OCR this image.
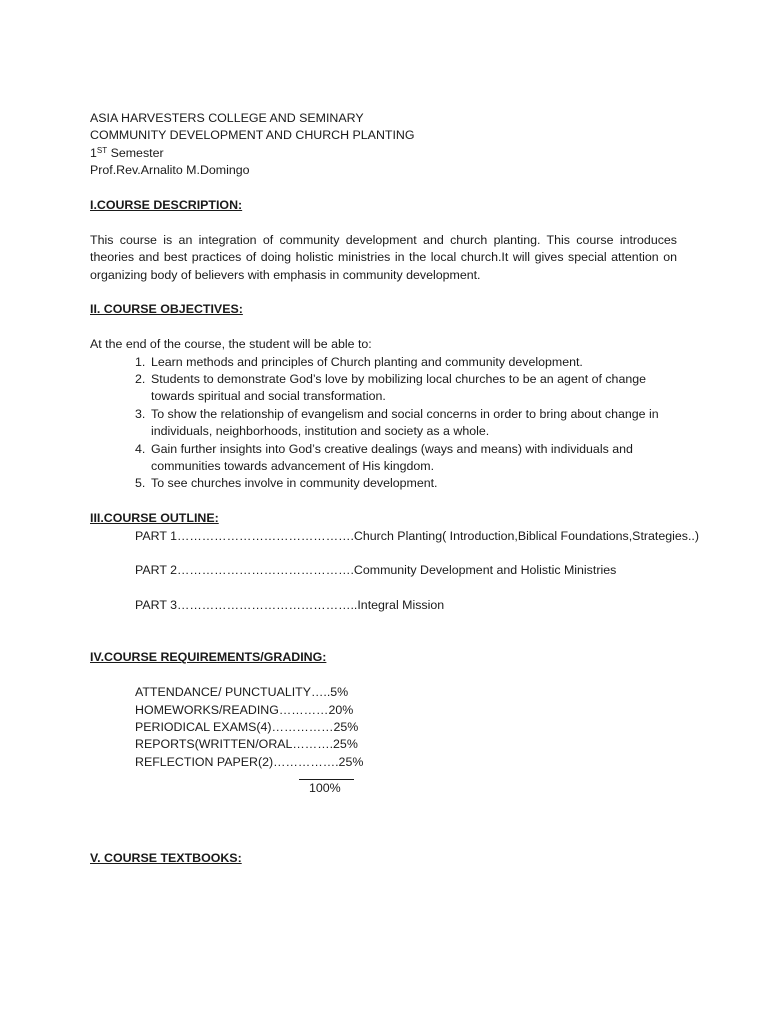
ASIA HARVESTERS COLLEGE AND SEMINARY
COMMUNITY DEVELOPMENT AND CHURCH PLANTING
1ST Semester
Prof.Rev.Arnalito M.Domingo
I.COURSE DESCRIPTION:
This course is an integration of community development and church planting. This course introduces theories and best practices of doing holistic ministries in the local church.It will gives special attention on organizing body of believers with emphasis in community development.
II. COURSE OBJECTIVES:
At the end of the course, the student will be able to:
1. Learn methods and principles of Church planting and community development.
2. Students to demonstrate God’s love by mobilizing local churches to be an agent of change towards spiritual and social transformation.
3. To show the relationship of evangelism and social concerns in order to bring about change in individuals, neighborhoods, institution and society as a whole.
4. Gain further insights into God’s creative dealings (ways and means) with individuals and communities towards advancement of His kingdom.
5. To see churches involve in community development.
III.COURSE OUTLINE:
PART 1…………………………………….Church Planting( Introduction,Biblical Foundations,Strategies..)
PART 2…………………………………….Community Development and Holistic Ministries
PART 3……………………………………..Integral Mission
IV.COURSE REQUIREMENTS/GRADING:
ATTENDANCE/ PUNCTUALITY…..5%
HOMEWORKS/READING…………20%
PERIODICAL EXAMS(4)……………25%
REPORTS(WRITTEN/ORAL……….25%
REFLECTION PAPER(2)…………….25%
100%
V. COURSE TEXTBOOKS:
